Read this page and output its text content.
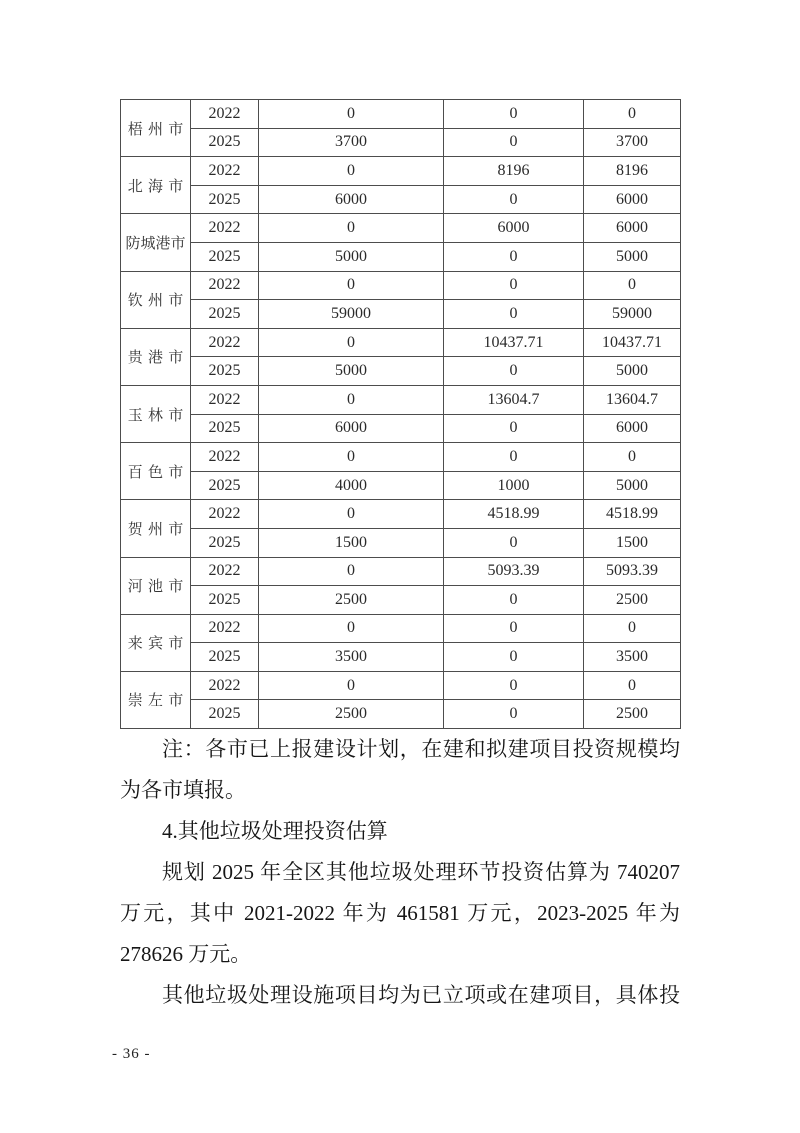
梧州市	2022	0	0	0
	2025	3700	0	3700
北海市	2022	0	8196	8196
	2025	6000	0	6000
防城港市	2022	0	6000	6000
	2025	5000	0	5000
钦州市	2022	0	0	0
	2025	59000	0	59000
贵港市	2022	0	10437.71	10437.71
	2025	5000	0	5000
玉林市	2022	0	13604.7	13604.7
	2025	6000	0	6000
百色市	2022	0	0	0
	2025	4000	1000	5000
贺州市	2022	0	4518.99	4518.99
	2025	1500	0	1500
河池市	2022	0	5093.39	5093.39
	2025	2500	0	2500
来宾市	2022	0	0	0
	2025	3500	0	3500
崇左市	2022	0	0	0
	2025	2500	0	2500
注：各市已上报建设计划，在建和拟建项目投资规模均
为各市填报。
4.其他垃圾处理投资估算
规划 2025 年全区其他垃圾处理环节投资估算为 740207
万元，其中 2021-2022 年为 461581 万元，2023-2025 年为
278626 万元。
其他垃圾处理设施项目均为已立项或在建项目，具体投
- 36 -
